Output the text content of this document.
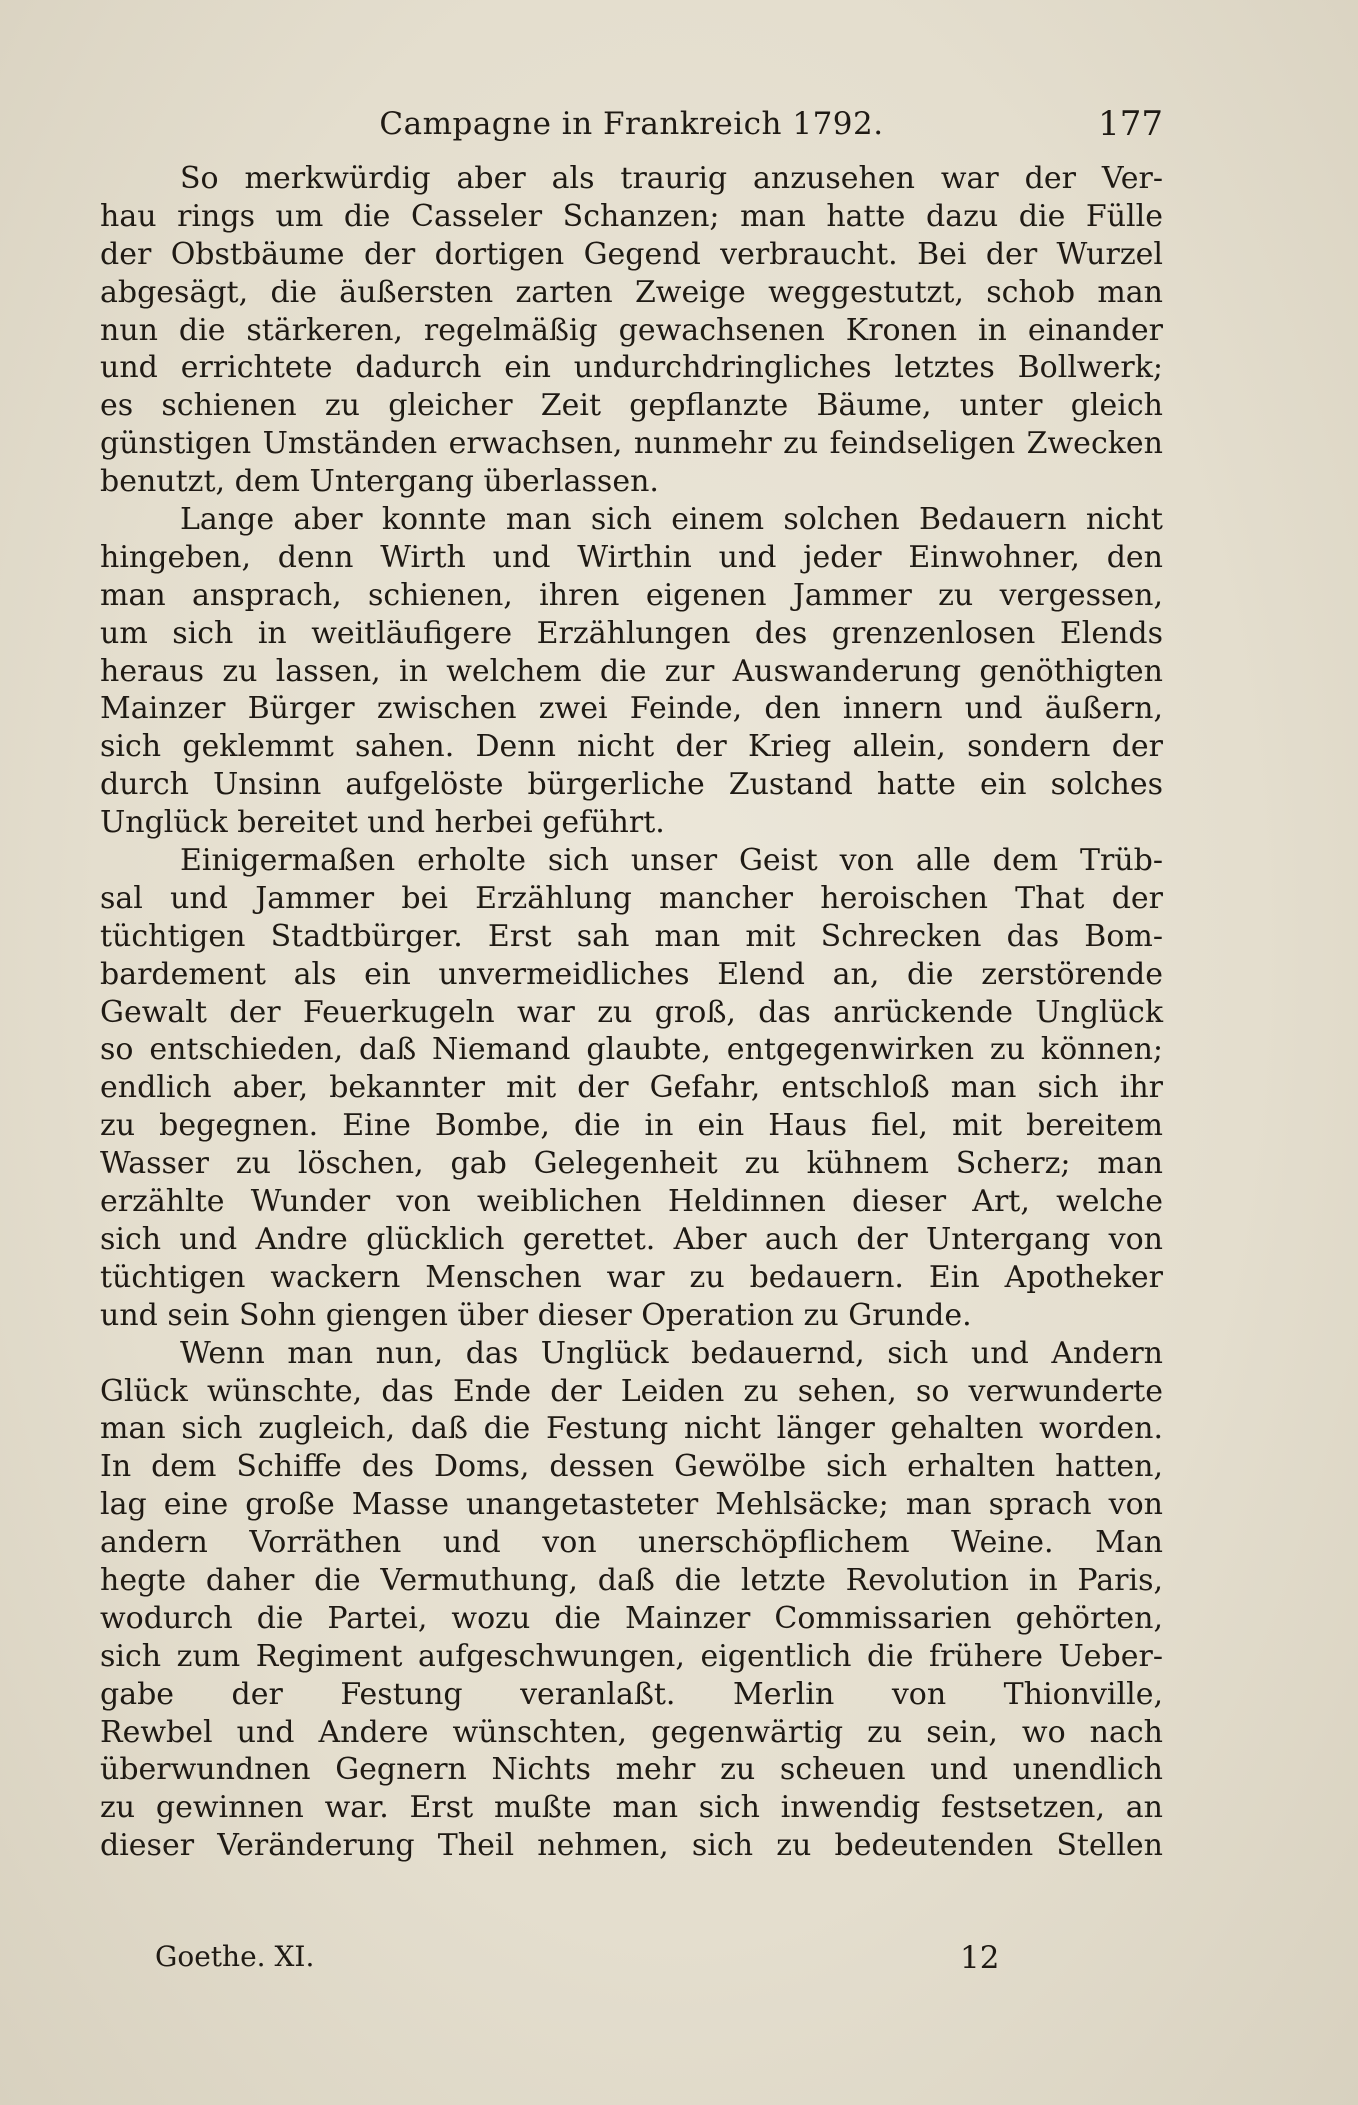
Campagne in Frankreich 1792.	177

So merkwürdig aber als traurig anzusehen war der Ver-
hau rings um die Casseler Schanzen; man hatte dazu die Fülle
der Obstbäume der dortigen Gegend verbraucht. Bei der Wurzel
abgesägt, die äußersten zarten Zweige weggestutzt, schob man
nun die stärkeren, regelmäßig gewachsenen Kronen in einander
und errichtete dadurch ein undurchdringliches letztes Bollwerk;
es schienen zu gleicher Zeit gepflanzte Bäume, unter gleich
günstigen Umständen erwachsen, nunmehr zu feindseligen Zwecken
benutzt, dem Untergang überlassen.

Lange aber konnte man sich einem solchen Bedauern nicht
hingeben, denn Wirth und Wirthin und jeder Einwohner, den
man ansprach, schienen, ihren eigenen Jammer zu vergessen,
um sich in weitläufigere Erzählungen des grenzenlosen Elends
heraus zu lassen, in welchem die zur Auswanderung genöthigten
Mainzer Bürger zwischen zwei Feinde, den innern und äußern,
sich geklemmt sahen. Denn nicht der Krieg allein, sondern der
durch Unsinn aufgelöste bürgerliche Zustand hatte ein solches
Unglück bereitet und herbei geführt.

Einigermaßen erholte sich unser Geist von alle dem Trüb-
sal und Jammer bei Erzählung mancher heroischen That der
tüchtigen Stadtbürger. Erst sah man mit Schrecken das Bom-
bardement als ein unvermeidliches Elend an, die zerstörende
Gewalt der Feuerkugeln war zu groß, das anrückende Unglück
so entschieden, daß Niemand glaubte, entgegenwirken zu können;
endlich aber, bekannter mit der Gefahr, entschloß man sich ihr
zu begegnen. Eine Bombe, die in ein Haus fiel, mit bereitem
Wasser zu löschen, gab Gelegenheit zu kühnem Scherz; man
erzählte Wunder von weiblichen Heldinnen dieser Art, welche
sich und Andre glücklich gerettet. Aber auch der Untergang von
tüchtigen wackern Menschen war zu bedauern. Ein Apotheker
und sein Sohn giengen über dieser Operation zu Grunde.

Wenn man nun, das Unglück bedauernd, sich und Andern
Glück wünschte, das Ende der Leiden zu sehen, so verwunderte
man sich zugleich, daß die Festung nicht länger gehalten worden.
In dem Schiffe des Doms, dessen Gewölbe sich erhalten hatten,
lag eine große Masse unangetasteter Mehlsäcke; man sprach von
andern Vorräthen und von unerschöpflichem Weine. Man
hegte daher die Vermuthung, daß die letzte Revolution in Paris,
wodurch die Partei, wozu die Mainzer Commissarien gehörten,
sich zum Regiment aufgeschwungen, eigentlich die frühere Ueber-
gabe der Festung veranlaßt. Merlin von Thionville,
Rewbel und Andere wünschten, gegenwärtig zu sein, wo nach
überwundnen Gegnern Nichts mehr zu scheuen und unendlich
zu gewinnen war. Erst mußte man sich inwendig festsetzen, an
dieser Veränderung Theil nehmen, sich zu bedeutenden Stellen

Goethe. XI.	12
